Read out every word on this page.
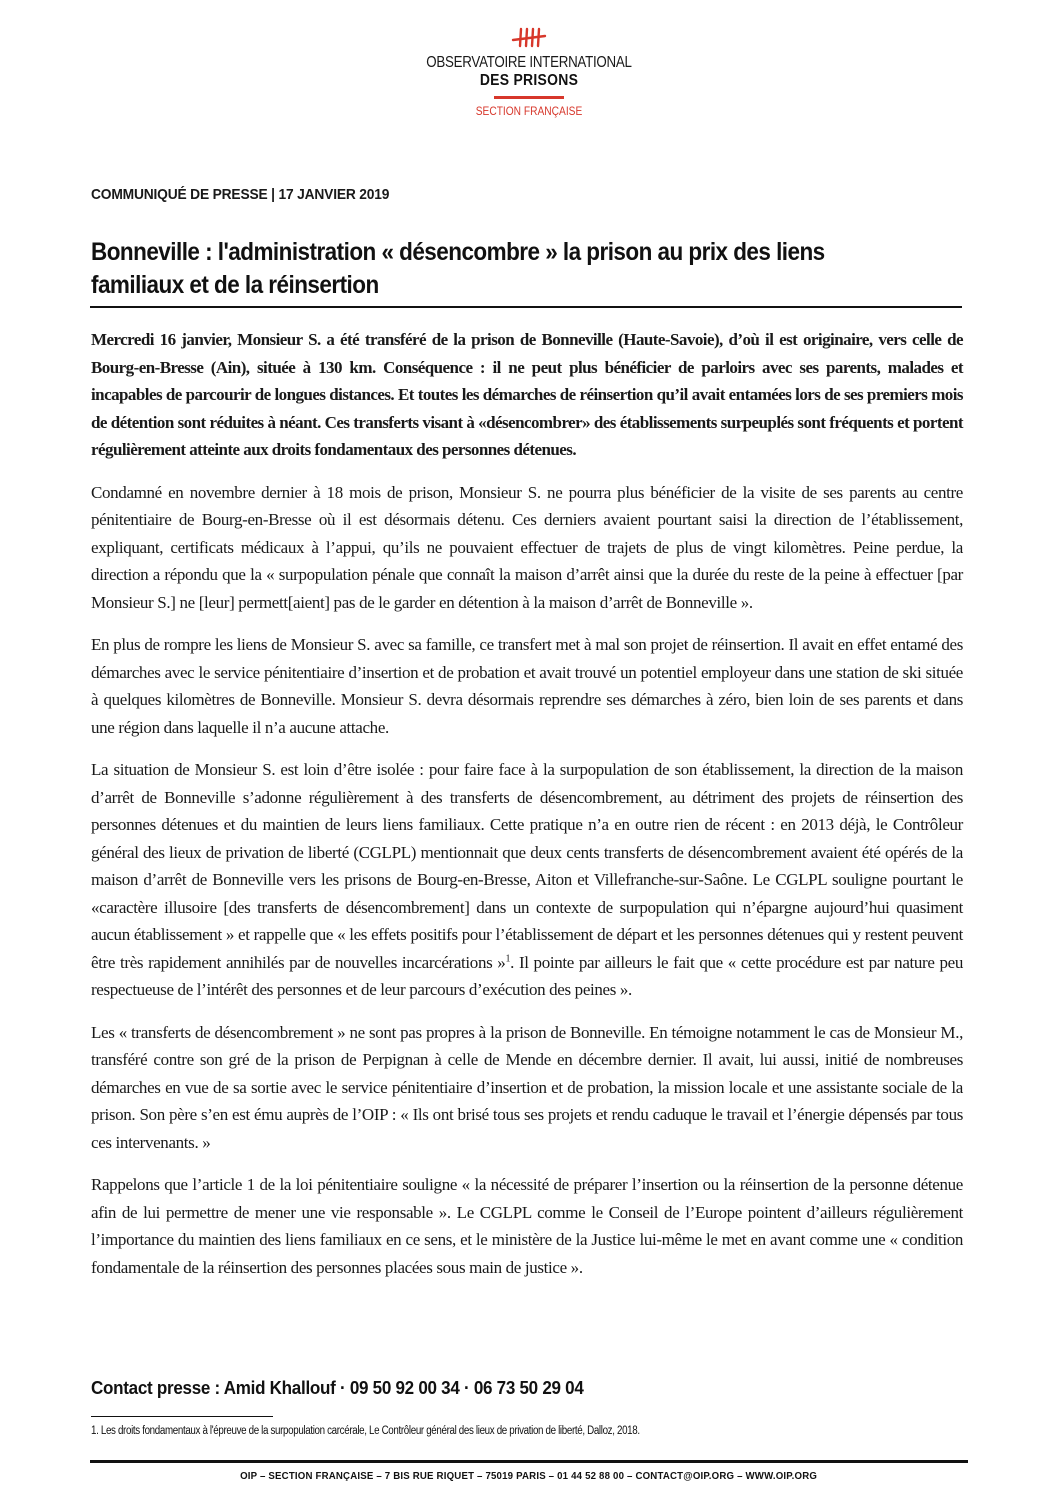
OBSERVATOIRE INTERNATIONAL
DES PRISONS
SECTION FRANÇAISE
COMMUNIQUÉ DE PRESSE | 17 JANVIER 2019
Bonneville : l'administration « désencombre » la prison au prix des liens familiaux et de la réinsertion

Mercredi 16 janvier, Monsieur S. a été transféré de la prison de Bonneville (Haute-Savoie), d’où il est originaire, vers celle de Bourg-en-Bresse (Ain), située à 130 km. Conséquence : il ne peut plus bénéficier de parloirs avec ses parents, malades et incapables de parcourir de longues distances. Et toutes les démarches de réinsertion qu’il avait entamées lors de ses premiers mois de détention sont réduites à néant. Ces transferts visant à «désencombrer» des établissements surpeuplés sont fréquents et portent régulièrement atteinte aux droits fondamentaux des personnes détenues.

Condamné en novembre dernier à 18 mois de prison, Monsieur S. ne pourra plus bénéficier de la visite de ses parents au centre pénitentiaire de Bourg-en-Bresse où il est désormais détenu. Ces derniers avaient pourtant saisi la direction de l’établissement, expliquant, certificats médicaux à l’appui, qu’ils ne pouvaient effectuer de trajets de plus de vingt kilomètres. Peine perdue, la direction a répondu que la « surpopulation pénale que connaît la maison d’arrêt ainsi que la durée du reste de la peine à effectuer [par Monsieur S.] ne [leur] permett[aient] pas de le garder en détention à la maison d’arrêt de Bonneville ».

En plus de rompre les liens de Monsieur S. avec sa famille, ce transfert met à mal son projet de réinsertion. Il avait en effet entamé des démarches avec le service pénitentiaire d’insertion et de probation et avait trouvé un potentiel employeur dans une station de ski située à quelques kilomètres de Bonneville. Monsieur S. devra désormais reprendre ses démarches à zéro, bien loin de ses parents et dans une région dans laquelle il n’a aucune attache.

La situation de Monsieur S. est loin d’être isolée : pour faire face à la surpopulation de son établissement, la direction de la maison d’arrêt de Bonneville s’adonne régulièrement à des transferts de désencombrement, au détriment des projets de réinsertion des personnes détenues et du maintien de leurs liens familiaux. Cette pratique n’a en outre rien de récent : en 2013 déjà, le Contrôleur général des lieux de privation de liberté (CGLPL) mentionnait que deux cents transferts de désencombrement avaient été opérés de la maison d’arrêt de Bonneville vers les prisons de Bourg-en-Bresse, Aiton et Villefranche-sur-Saône. Le CGLPL souligne pourtant le «caractère illusoire [des transferts de désencombrement] dans un contexte de surpopulation qui n’épargne aujourd’hui quasiment aucun établissement » et rappelle que « les effets positifs pour l’établissement de départ et les personnes détenues qui y restent peuvent être très rapidement annihilés par de nouvelles incarcérations »$^1$. Il pointe par ailleurs le fait que « cette procédure est par nature peu respectueuse de l’intérêt des personnes et de leur parcours d’exécution des peines ».

Les « transferts de désencombrement » ne sont pas propres à la prison de Bonneville. En témoigne notamment le cas de Monsieur M., transféré contre son gré de la prison de Perpignan à celle de Mende en décembre dernier. Il avait, lui aussi, initié de nombreuses démarches en vue de sa sortie avec le service pénitentiaire d’insertion et de probation, la mission locale et une assistante sociale de la prison. Son père s’en est ému auprès de l’OIP : « Ils ont brisé tous ses projets et rendu caduque le travail et l’énergie dépensés par tous ces intervenants. »

Rappelons que l’article 1 de la loi pénitentiaire souligne « la nécessité de préparer l’insertion ou la réinsertion de la personne détenue afin de lui permettre de mener une vie responsable ». Le CGLPL comme le Conseil de l’Europe pointent d’ailleurs régulièrement l’importance du maintien des liens familiaux en ce sens, et le ministère de la Justice lui-même le met en avant comme une « condition fondamentale de la réinsertion des personnes placées sous main de justice ».

Contact presse : Amid Khallouf · 09 50 92 00 34 · 06 73 50 29 04
1. Les droits fondamentaux à l'épreuve de la surpopulation carcérale, Le Contrôleur général des lieux de privation de liberté, Dalloz, 2018.
OIP – SECTION FRANÇAISE – 7 BIS RUE RIQUET – 75019 PARIS – 01 44 52 88 00 – CONTACT@OIP.ORG – WWW.OIP.ORG
